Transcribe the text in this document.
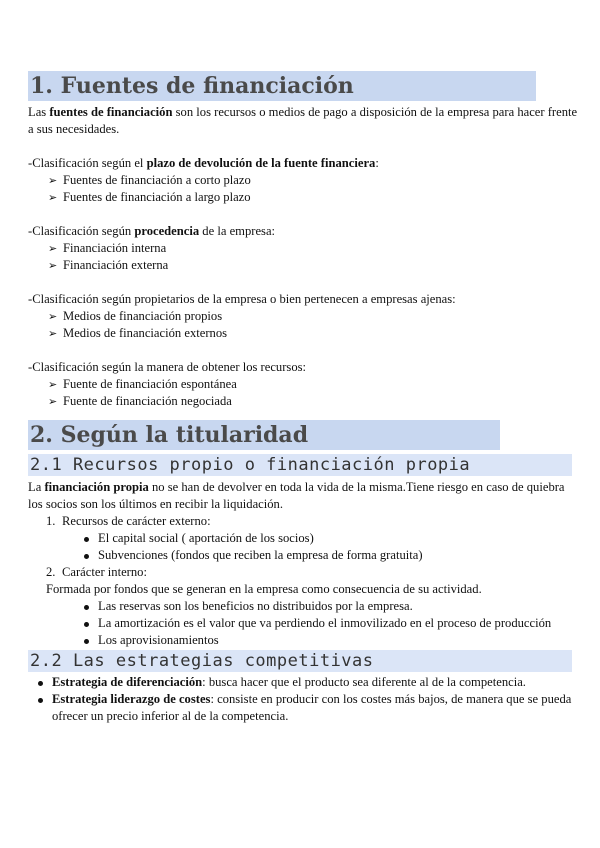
1. Fuentes de financiación

Las fuentes de financiación son los recursos o medios de pago a disposición de la empresa para hacer frente a sus necesidades.

-Clasificación según el plazo de devolución de la fuente financiera:

➢ Fuentes de financiación a corto plazo
➢ Fuentes de financiación a largo plazo

-Clasificación según procedencia de la empresa:

➢ Financiación interna
➢ Financiación externa

-Clasificación según propietarios de la empresa o bien pertenecen a empresas ajenas:

➢ Medios de financiación propios
➢ Medios de financiación externos

-Clasificación según la manera de obtener los recursos:

➢ Fuente de financiación espontánea
➢ Fuente de financiación negociada
2. Según la titularidad
2.1 Recursos propio o financiación propia

La financiación propia no se han de devolver en toda la vida de la misma.Tiene riesgo en caso de quiebra los socios son los últimos en recibir la liquidación.

1. Recursos de carácter externo:
El capital social ( aportación de los socios)
Subvenciones (fondos que reciben la empresa de forma gratuita)
2. Carácter interno:
Formada por fondos que se generan en la empresa como consecuencia de su actividad.
Las reservas son los beneficios no distribuidos por la empresa.
La amortización es el valor que va perdiendo el inmovilizado en el proceso de producción
Los aprovisionamientos
2.2 Las estrategias competitivas
Estrategia de diferenciación: busca hacer que el producto sea diferente al de la competencia.
Estrategia liderazgo de costes: consiste en producir con los costes más bajos, de manera que se pueda ofrecer un precio inferior al de la competencia.
